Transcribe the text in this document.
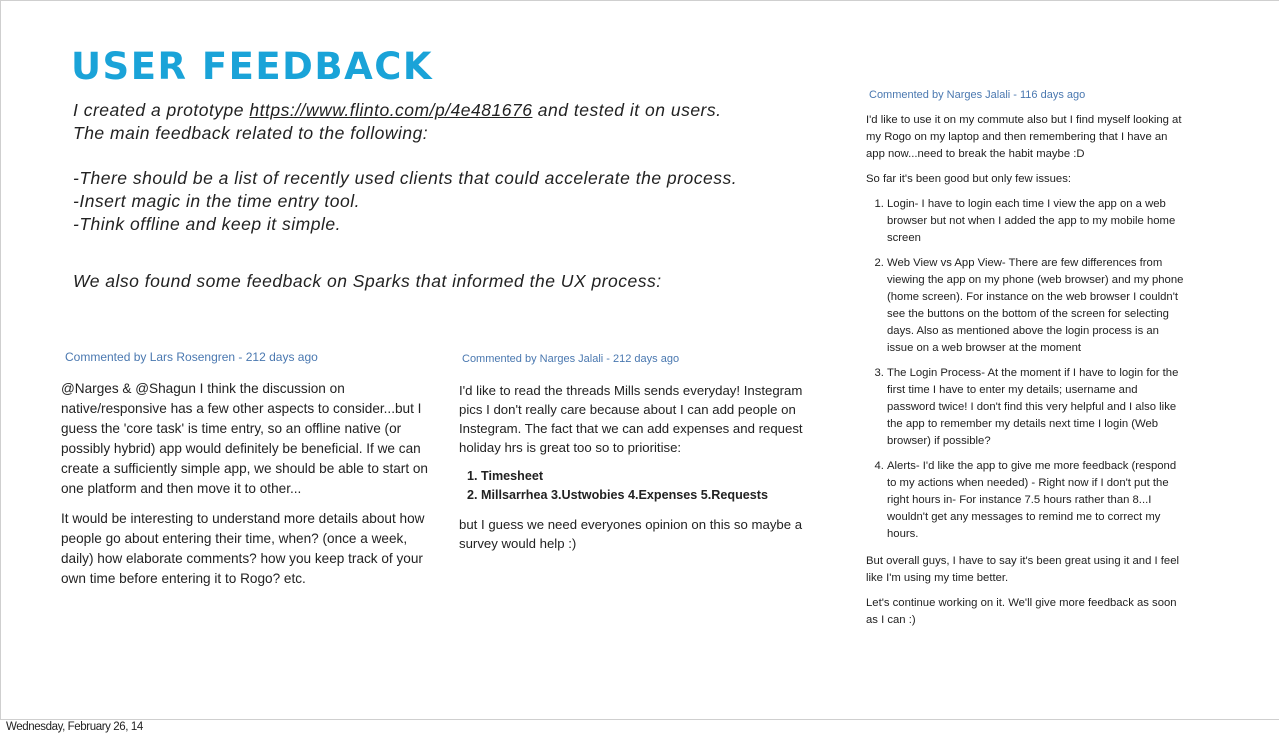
USER FEEDBACK

I created a prototype https://www.flinto.com/p/4e481676 and tested it on users.

The main feedback related to the following:

-There should be a list of recently used clients that could accelerate the process.

-Insert magic in the time entry tool.

-Think offline and keep it simple.

We also found some feedback on Sparks that informed the UX process:

Commented by Lars Rosengren - 212 days ago

@Narges & @Shagun I think the discussion on native/responsive has a few other aspects to consider...but I guess the 'core task' is time entry, so an offline native (or possibly hybrid) app would definitely be beneficial. If we can create a sufficiently simple app, we should be able to start on one platform and then move it to other...

It would be interesting to understand more details about how people go about entering their time, when? (once a week, daily) how elaborate comments? how you keep track of your own time before entering it to Rogo? etc.

Commented by Narges Jalali - 212 days ago

I'd like to read the threads Mills sends everyday! Instegram pics I don't really care because about I can add people on Instegram. The fact that we can add expenses and request holiday hrs is great too so to prioritise:

1. Timesheet
2. Millsarrhea 3.Ustwobies 4.Expenses 5.Requests

but I guess we need everyones opinion on this so maybe a survey would help :)

Commented by Narges Jalali - 116 days ago

I'd like to use it on my commute also but I find myself looking at my Rogo on my laptop and then remembering that I have an app now...need to break the habit maybe :D

So far it's been good but only few issues:

1. Login- I have to login each time I view the app on a web browser but not when I added the app to my mobile home screen
2. Web View vs App View- There are few differences from viewing the app on my phone (web browser) and my phone (home screen). For instance on the web browser I couldn't see the buttons on the bottom of the screen for selecting days. Also as mentioned above the login process is an issue on a web browser at the moment
3. The Login Process- At the moment if I have to login for the first time I have to enter my details; username and password twice! I don't find this very helpful and I also like the app to remember my details next time I login (Web browser) if possible?
4. Alerts- I'd like the app to give me more feedback (respond to my actions when needed) - Right now if I don't put the right hours in- For instance 7.5 hours rather than 8...I wouldn't get any messages to remind me to correct my hours.

But overall guys, I have to say it's been great using it and I feel like I'm using my time better.

Let's continue working on it. We'll give more feedback as soon as I can :)

Wednesday, February 26, 14
